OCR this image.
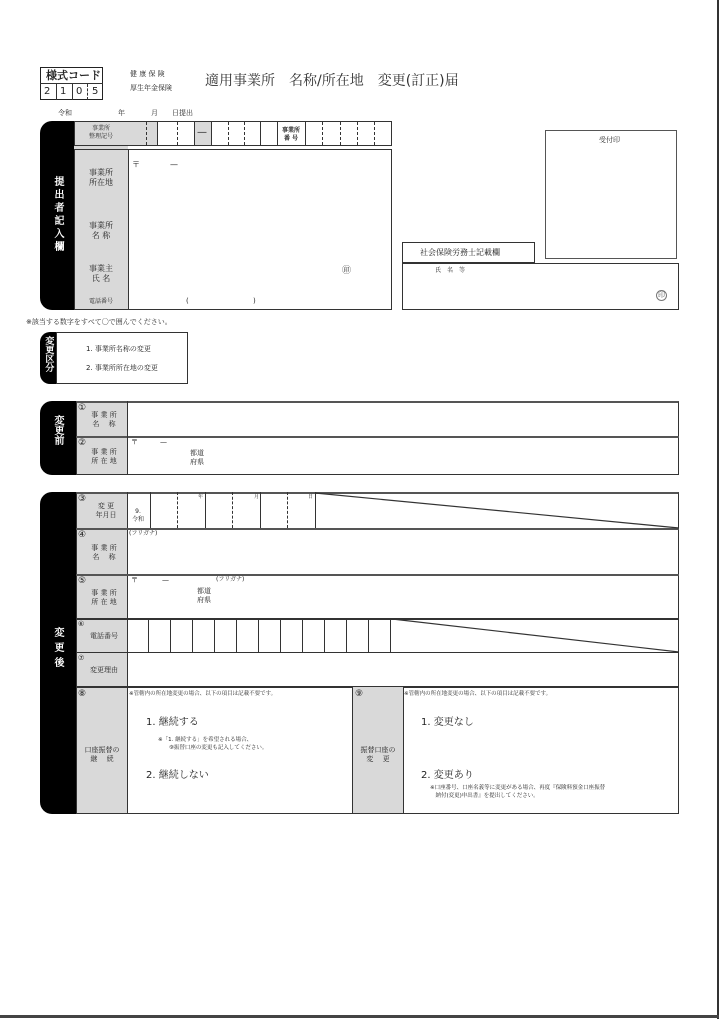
様式コード
2 1 0 5
健 康 保 険
厚生年金保険 適用事業所　名称/所在地　変更(訂正)届
令和	年	月 日提出
提出者記入欄
事業所
整理記号	—	事業所
番 号
〒	—
事業所
所在地
事業所
名 称
事業主
氏 名
㊞
電話番号	(	)
受付印
社会保険労務士記載欄
氏　名　等
印
※該当する数字をすべて〇で囲んでください。
変更区分	1. 事業所名称の変更
2. 事業所所在地の変更
変更前
①
事 業 所
名　 称
②
事 業 所
所 在 地
〒	—
都道
府県
変更後
③
変 更
年月日	9.
令和
年	月	日
④
事 業 所
名　 称
(フリガナ)
⑤
事 業 所
所 在 地
〒	—	(フリガナ)
都道
府県
⑥
電話番号
⑦
変更理由
⑧
口座振替の
継　 続
※管轄内の所在地変更の場合、以下の項目は記載不要です。
1. 継続する
※「1. 継続する」を希望される場合、
　　⑨振替口座の変更も記入してください。
2. 継続しない
⑨
振替口座の
変　 更
※管轄内の所在地変更の場合、以下の項目は記載不要です。
1. 変更なし
2. 変更あり
※口座番号、口座名義等に変更がある場合、再度『保険料預金口座振替
　納付(変更)申出書』を提出してください。
